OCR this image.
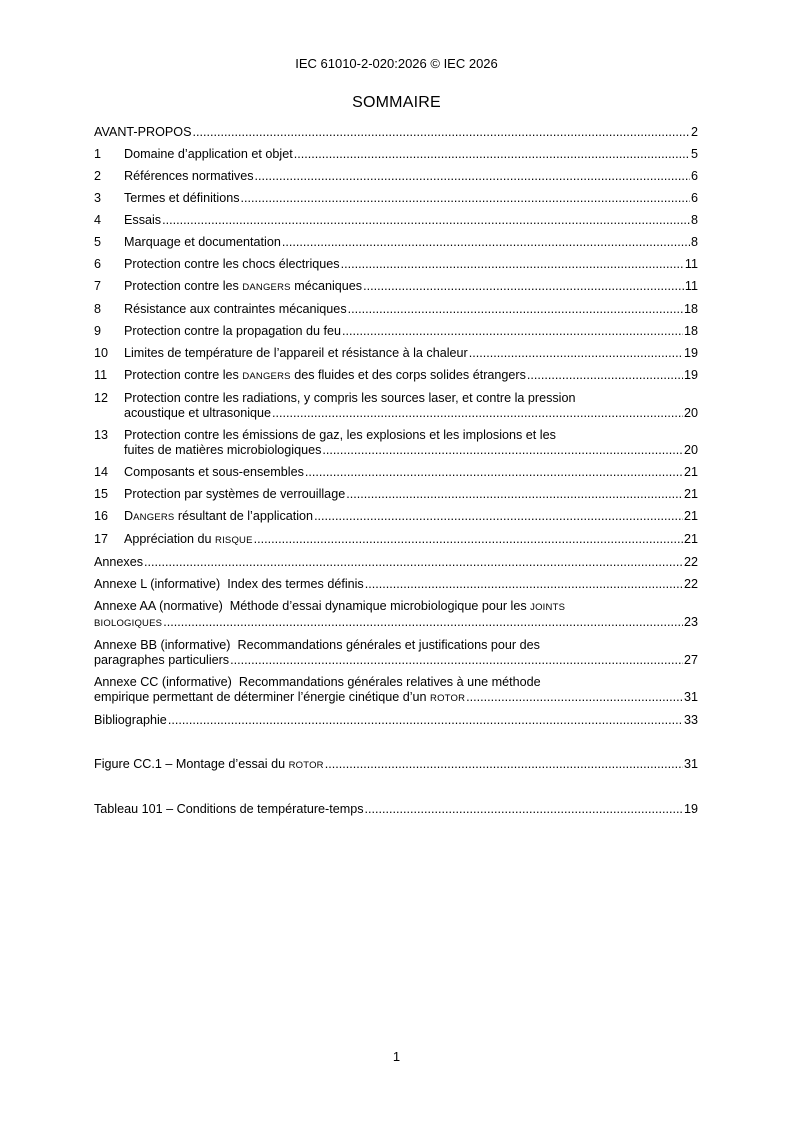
IEC 61010-2-020:2026 © IEC 2026
SOMMAIRE
AVANT-PROPOS .....	2
1	Domaine d’application et objet .....	5
2	Références normatives .....	6
3	Termes et définitions .....	6
4	Essais .....	8
5	Marquage et documentation .....	8
6	Protection contre les chocs électriques .....	11
7	Protection contre les DANGERS mécaniques .....	11
8	Résistance aux contraintes mécaniques .....	18
9	Protection contre la propagation du feu .....	18
10	Limites de température de l’appareil et résistance à la chaleur .....	19
11	Protection contre les DANGERS des fluides et des corps solides étrangers .....	19
12	Protection contre les radiations, y compris les sources laser, et contre la pression
acoustique et ultrasonique .....	20
13	Protection contre les émissions de gaz, les explosions et les implosions et les
fuites de matières microbiologiques .....	20
14	Composants et sous-ensembles .....	21
15	Protection par systèmes de verrouillage .....	21
16	DANGERS résultant de l’application .....	21
17	Appréciation du RISQUE .....	21
Annexes .....	22
Annexe L (informative)  Index des termes définis .....	22
Annexe AA (normative)  Méthode d’essai dynamique microbiologique pour les JOINTS
BIOLOGIQUES .....	23
Annexe BB (informative)  Recommandations générales et justifications pour des
paragraphes particuliers .....	27
Annexe CC (informative)  Recommandations générales relatives à une méthode
empirique permettant de déterminer l’énergie cinétique d’un ROTOR .....	31
Bibliographie .....	33
Figure CC.1 – Montage d’essai du ROTOR .....	31
Tableau 101 – Conditions de température-temps .....	19
1
